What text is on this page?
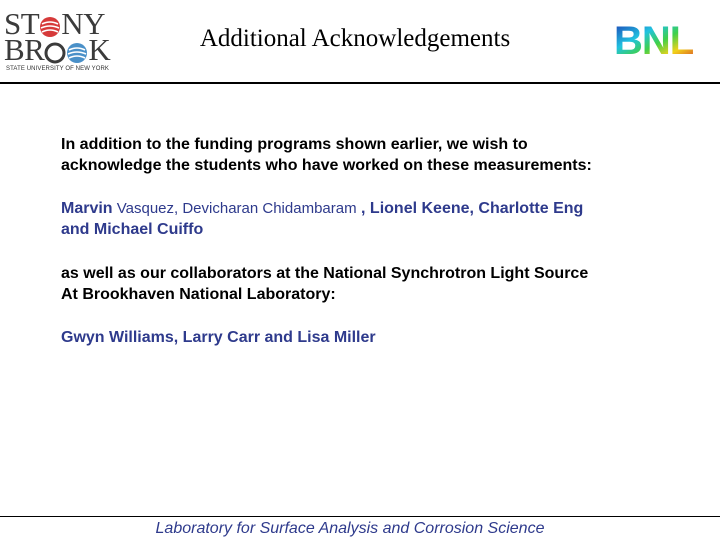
ST NY
BR K
STATE UNIVERSITY OF NEW YORK
Additional Acknowledgements	BNL
In addition to the funding programs shown earlier, we wish to
acknowledge the students who have worked on these measurements:
Marvin Vasquez, Devicharan Chidambaram , Lionel Keene, Charlotte Eng
and Michael Cuiffo
as well as our collaborators at the National Synchrotron Light Source
At Brookhaven National Laboratory:
Gwyn Williams, Larry Carr and Lisa Miller
Laboratory for Surface Analysis and Corrosion Science
